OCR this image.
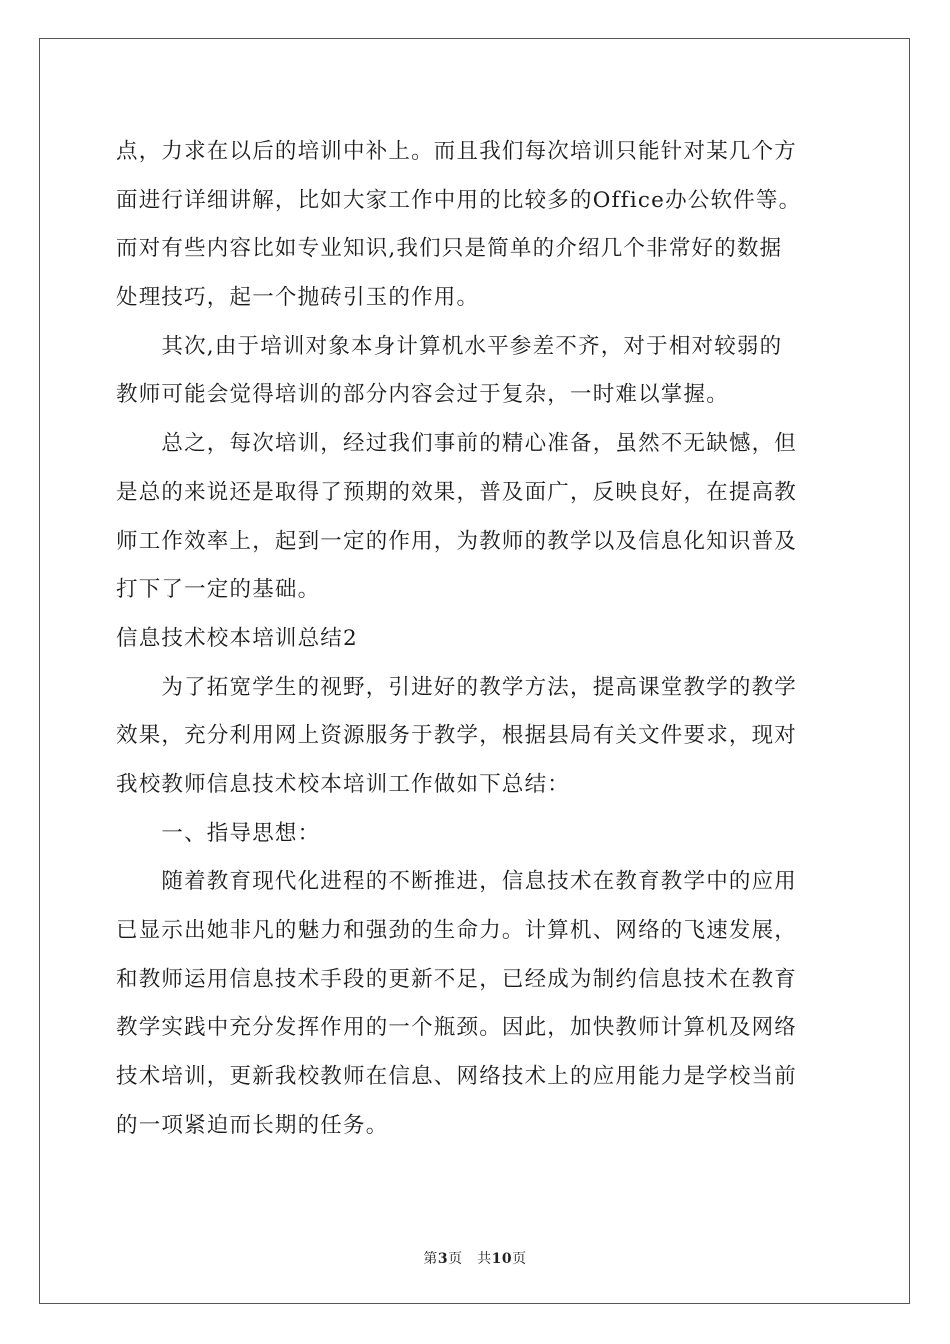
点，力求在以后的培训中补上。而且我们每次培训只能针对某几个方
面进行详细讲解，比如大家工作中用的比较多的Office办公软件等。
而对有些内容比如专业知识,我们只是简单的介绍几个非常好的数据
处理技巧，起一个抛砖引玉的作用。
　　其次,由于培训对象本身计算机水平参差不齐，对于相对较弱的
教师可能会觉得培训的部分内容会过于复杂，一时难以掌握。
　　总之，每次培训，经过我们事前的精心准备，虽然不无缺憾，但
是总的来说还是取得了预期的效果，普及面广，反映良好，在提高教
师工作效率上，起到一定的作用，为教师的教学以及信息化知识普及
打下了一定的基础。
信息技术校本培训总结2
　　为了拓宽学生的视野，引进好的教学方法，提高课堂教学的教学
效果，充分利用网上资源服务于教学，根据县局有关文件要求，现对
我校教师信息技术校本培训工作做如下总结：
　　一、指导思想：
　　随着教育现代化进程的不断推进，信息技术在教育教学中的应用
已显示出她非凡的魅力和强劲的生命力。计算机、网络的飞速发展，
和教师运用信息技术手段的更新不足，已经成为制约信息技术在教育
教学实践中充分发挥作用的一个瓶颈。因此，加快教师计算机及网络
技术培训，更新我校教师在信息、网络技术上的应用能力是学校当前
的一项紧迫而长期的任务。
第3页　共10页
